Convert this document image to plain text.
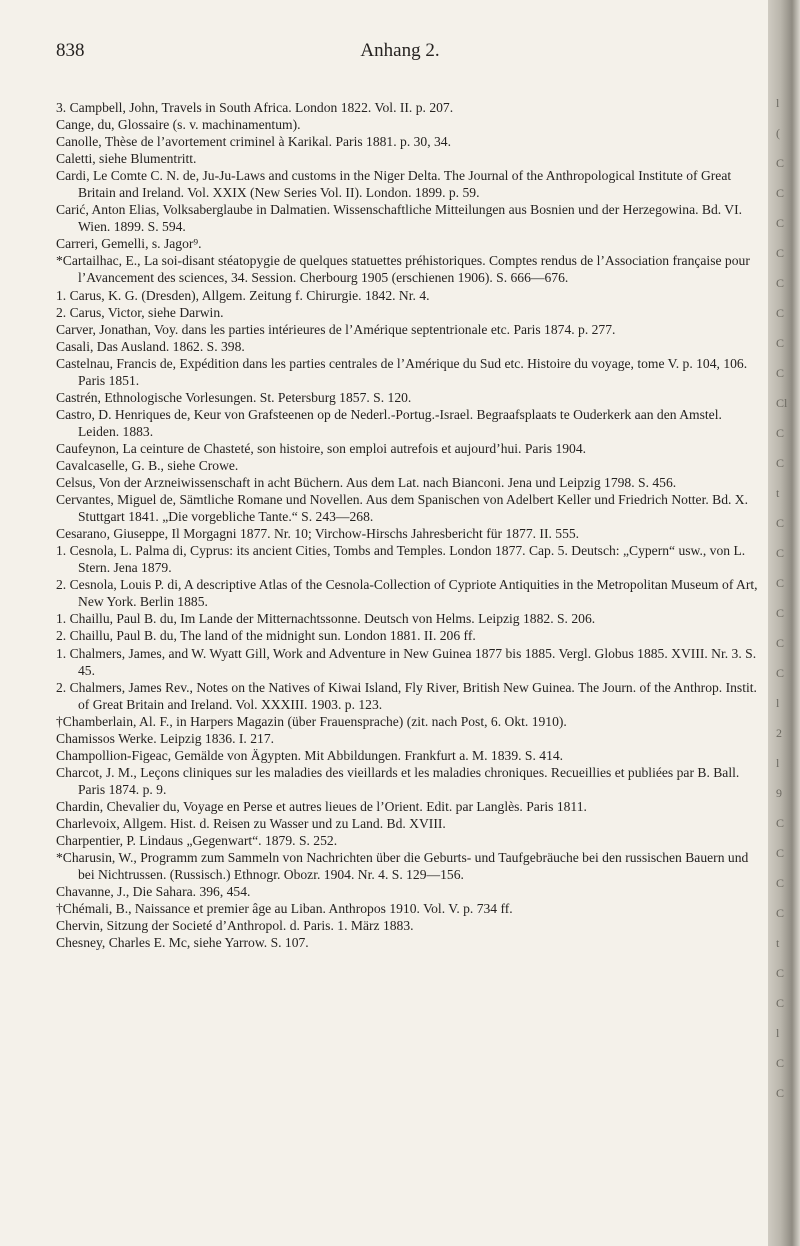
838	Anhang 2.

3. Campbell, John, Travels in South Africa. London 1822. Vol. II. p. 207.

Cange, du, Glossaire (s. v. machinamentum).

Canolle, Thèse de l’avortement criminel à Karikal. Paris 1881. p. 30, 34.

Caletti, siehe Blumentritt.

Cardi, Le Comte C. N. de, Ju-Ju-Laws and customs in the Niger Delta. The Journal of the Anthropological Institute of Great Britain and Ireland. Vol. XXIX (New Series Vol. II). London. 1899. p. 59.

Carić, Anton Elias, Volksaberglaube in Dalmatien. Wissenschaftliche Mitteilungen aus Bosnien und der Herzegowina. Bd. VI. Wien. 1899. S. 594.

Carreri, Gemelli, s. Jagor⁹.

*Cartailhac, E., La soi-disant stéatopygie de quelques statuettes préhistoriques. Comptes rendus de l’Association française pour l’Avancement des sciences, 34. Session. Cherbourg 1905 (erschienen 1906). S. 666—676.

1. Carus, K. G. (Dresden), Allgem. Zeitung f. Chirurgie. 1842. Nr. 4.

2. Carus, Victor, siehe Darwin.

Carver, Jonathan, Voy. dans les parties intérieures de l’Amérique septentrionale etc. Paris 1874. p. 277.

Casali, Das Ausland. 1862. S. 398.

Castelnau, Francis de, Expédition dans les parties centrales de l’Amérique du Sud etc. Histoire du voyage, tome V. p. 104, 106. Paris 1851.

Castrén, Ethnologische Vorlesungen. St. Petersburg 1857. S. 120.

Castro, D. Henriques de, Keur von Grafsteenen op de Nederl.-Portug.-Israel. Begraafsplaats te Ouderkerk aan den Amstel. Leiden. 1883.

Caufeynon, La ceinture de Chasteté, son histoire, son emploi autrefois et aujourd’hui. Paris 1904.

Cavalcaselle, G. B., siehe Crowe.

Celsus, Von der Arzneiwissenschaft in acht Büchern. Aus dem Lat. nach Bianconi. Jena und Leipzig 1798. S. 456.

Cervantes, Miguel de, Sämtliche Romane und Novellen. Aus dem Spanischen von Adelbert Keller und Friedrich Notter. Bd. X. Stuttgart 1841. „Die vorgebliche Tante.“ S. 243—268.

Cesarano, Giuseppe, Il Morgagni 1877. Nr. 10; Virchow-Hirschs Jahresbericht für 1877. II. 555.

1. Cesnola, L. Palma di, Cyprus: its ancient Cities, Tombs and Temples. London 1877. Cap. 5. Deutsch: „Cypern“ usw., von L. Stern. Jena 1879.

2. Cesnola, Louis P. di, A descriptive Atlas of the Cesnola-Collection of Cypriote Antiquities in the Metropolitan Museum of Art, New York. Berlin 1885.

1. Chaillu, Paul B. du, Im Lande der Mitternachtssonne. Deutsch von Helms. Leipzig 1882. S. 206.

2. Chaillu, Paul B. du, The land of the midnight sun. London 1881. II. 206 ff.

1. Chalmers, James, and W. Wyatt Gill, Work and Adventure in New Guinea 1877 bis 1885. Vergl. Globus 1885. XVIII. Nr. 3. S. 45.

2. Chalmers, James Rev., Notes on the Natives of Kiwai Island, Fly River, British New Guinea. The Journ. of the Anthrop. Instit. of Great Britain and Ireland. Vol. XXXIII. 1903. p. 123.

†Chamberlain, Al. F., in Harpers Magazin (über Frauensprache) (zit. nach Post, 6. Okt. 1910).

Chamissos Werke. Leipzig 1836. I. 217.

Champollion-Figeac, Gemälde von Ägypten. Mit Abbildungen. Frankfurt a. M. 1839. S. 414.

Charcot, J. M., Leçons cliniques sur les maladies des vieillards et les maladies chroniques. Recueillies et publiées par B. Ball. Paris 1874. p. 9.

Chardin, Chevalier du, Voyage en Perse et autres lieues de l’Orient. Edit. par Langlès. Paris 1811.

Charlevoix, Allgem. Hist. d. Reisen zu Wasser und zu Land. Bd. XVIII.

Charpentier, P. Lindaus „Gegenwart“. 1879. S. 252.

*Charusin, W., Programm zum Sammeln von Nachrichten über die Geburts- und Taufgebräuche bei den russischen Bauern und bei Nichtrussen. (Russisch.) Ethnogr. Obozr. 1904. Nr. 4. S. 129—156.

Chavanne, J., Die Sahara. 396, 454.

†Chémali, B., Naissance et premier âge au Liban. Anthropos 1910. Vol. V. p. 734 ff.

Chervin, Sitzung der Societé d’Anthropol. d. Paris. 1. März 1883.

Chesney, Charles E. Mc, siehe Yarrow. S. 107.

l
(
C
C
C
C
C
C
C
C
Cl
C
C
t
C
C
C
C
C
C
l
2
l
9
C
C
C
C
t
C
C
l
C
C
